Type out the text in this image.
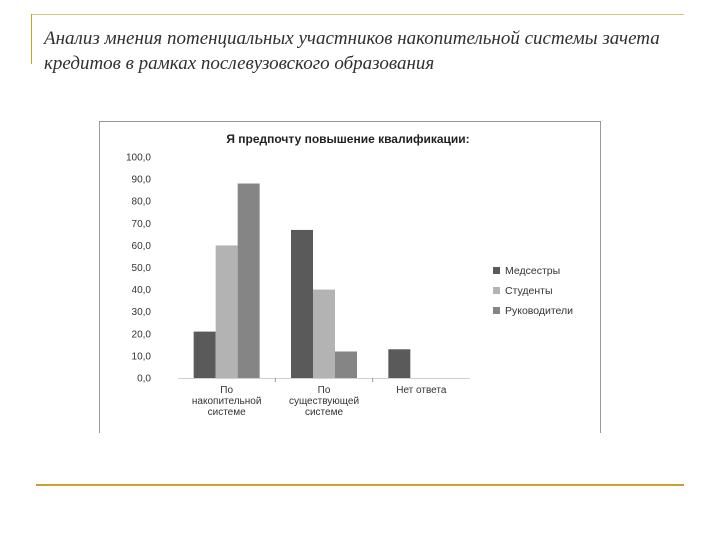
Анализ мнения потенциальных участников накопительной системы зачета кредитов в рамках послевузовского образования
Я предпочту повышение квалификации:
0,0
10,0
20,0
30,0
40,0
50,0
60,0
70,0
80,0
90,0
100,0
По накопительной системе
По существующей системе
Нет ответа
Медсестры
Студенты
Руководители
